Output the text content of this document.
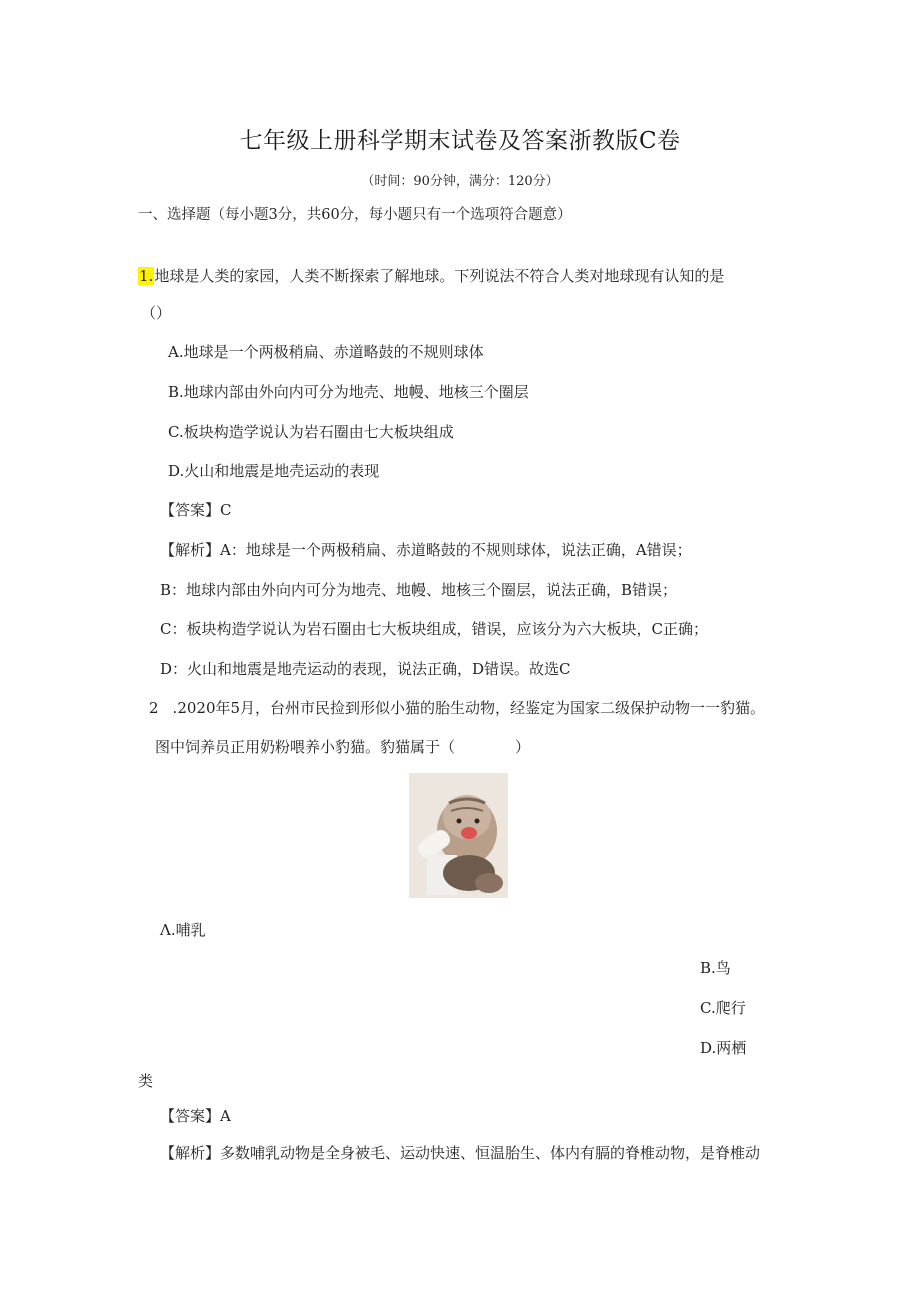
七年级上册科学期末试卷及答案浙教版C卷
（时间：90分钟，满分：120分）
一、选择题（每小题3分，共60分，每小题只有一个选项符合题意）
1.地球是人类的家园，人类不断探索了解地球。下列说法不符合人类对地球现有认知的是
（）
A.地球是一个两极稍扁、赤道略鼓的不规则球体
B.地球内部由外向内可分为地壳、地幔、地核三个圈层
C.板块构造学说认为岩石圈由七大板块组成
D.火山和地震是地壳运动的表现
【答案】C
【解析】A：地球是一个两极稍扁、赤道略鼓的不规则球体，说法正确，A错误；
B：地球内部由外向内可分为地壳、地幔、地核三个圈层，说法正确，B错误；
C：板块构造学说认为岩石圈由七大板块组成，错误，应该分为六大板块，C正确；
D：火山和地震是地壳运动的表现，说法正确，D错误。故选C
2 .2020年5月，台州市民捡到形似小猫的胎生动物，经鉴定为国家二级保护动物一一豹猫。
图中饲养员正用奶粉喂养小豹猫。豹猫属于（　　　　）
Λ.哺乳
B.鸟
C.爬行
D.两栖
类
【答案】A
【解析】多数哺乳动物是全身被毛、运动快速、恒温胎生、体内有膈的脊椎动物，是脊椎动
